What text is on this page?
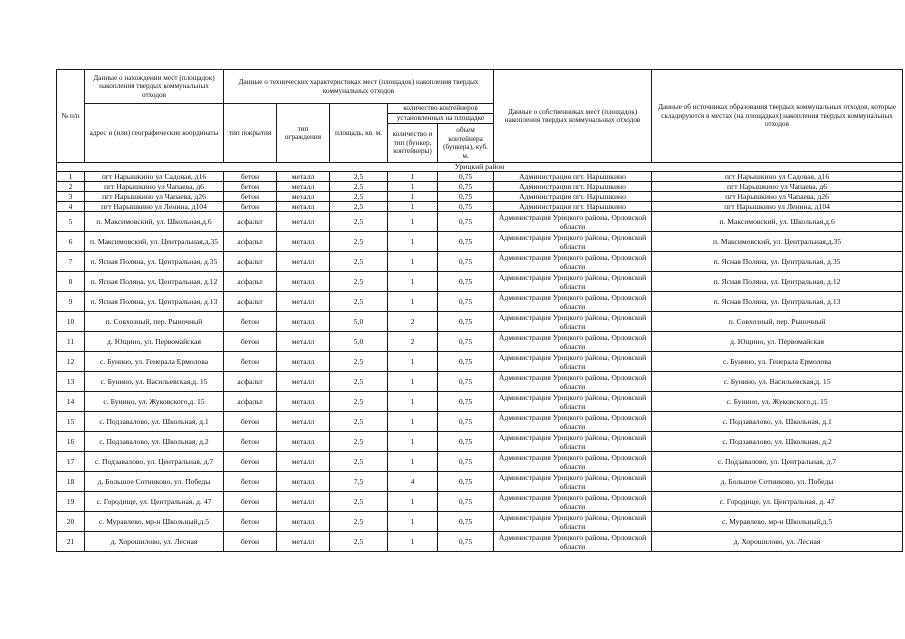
№ п/п	Данные о нахождении мест (площадок) накопления твердых коммунальных отходов	Данные о технических характеристиках мест (площадок) накопления твердых коммунальных отходов					Данные о собственниках мест (площадок) накопления твердых коммунальных отходов	Данные об источниках образования твердых коммунальных отходов, которые складируются в местах (на площадках) накопления твердых коммунальных отходов
	адрес и (или) географические координаты	тип покрытия	тип ограждения	площадь, кв. м.	количество контейнеров			
					установленных на площадке			
					количество и тип (бункер, контейнеры)	объем контейнера (бункера), куб. м.		
Урицкий район								
1	пгт Нарышкино ул Садовая, д16	бетон	металл	2,5	1	0,75	Администрация пгт. Нарышкино	пгт Нарышкино ул Садовая, д16
2	пгт Нарышкино ул Чапаева, д6	бетон	металл	2,5	1	0,75	Администрация пгт. Нарышкино	пгт Нарышкино ул Чапаева, д6
3	пгт Нарышкино ул Чапаева, д26	бетон	металл	2,5	1	0,75	Администрация пгт. Нарышкино	пгт Нарышкино ул Чапаева, д26
4	пгт Нарышкино ул Ленина, д104	бетон	металл	2,5	1	0,75	Администрация пгт. Нарышкино	пгт Нарышкино ул Ленина, д104
5	п. Максимовский, ул. Школьная,д.6	асфальт	металл	2,5	1	0,75	Администрация Урицкого района, Орловской области	п. Максимовский, ул. Школьная,д.6
6	п. Максимовский, ул. Центральная,д.35	асфальт	металл	2,5	1	0,75	Администрация Урицкого района, Орловской области	п. Максимовский, ул. Центральная,д.35
7	п. Ясная Поляна, ул. Центральная, д.35	асфальт	металл	2,5	1	0,75	Администрация Урицкого района, Орловской области	п. Ясная Поляна, ул. Центральная, д.35
8	п. Ясная Поляна, ул. Центральная, д.12	асфальт	металл	2,5	1	0,75	Администрация Урицкого района, Орловской области	п. Ясная Поляна, ул. Центральная, д.12
9	п. Ясная Поляна, ул. Центральная, д.13	асфальт	металл	2,5	1	0,75	Администрация Урицкого района, Орловской области	п. Ясная Поляна, ул. Центральная, д.13
10	п. Совхозный, пер. Рыночный	бетон	металл	5,0	2	0,75	Администрация Урицкого района, Орловской области	п. Совхозный, пер. Рыночный
11	д. Ющино, ул. Первомайская	бетон	металл	5,0	2	0,75	Администрация Урицкого района, Орловской области	д. Ющино, ул. Первомайская
12	с. Бунино, ул. Генерала Ермолова	бетон	металл	2,5	1	0,75	Администрация Урицкого района, Орловской области	с. Бунино, ул. Генерала Ермолова
13	с. Бунино, ул. Васильевская,д. 15	асфальт	металл	2,5	1	0,75	Администрация Урицкого района, Орловской области	с. Бунино, ул. Васильевская,д. 15
14	с. Бунино, ул. Жуковского,д. 15	асфальт	металл	2,5	1	0,75	Администрация Урицкого района, Орловской области	с. Бунино, ул. Жуковского,д. 15
15	с. Подзавалово, ул. Школьная, д.1	бетон	металл	2,5	1	0,75	Администрация Урицкого района, Орловской области	с. Подзавалово, ул. Школьная, д.1
16	с. Подзавалово, ул. Школьная, д.2	бетон	металл	2,5	1	0,75	Администрация Урицкого района, Орловской области	с. Подзавалово, ул. Школьная, д.2
17	с. Подзавалово, ул. Центральная, д.7	бетон	металл	2,5	1	0,75	Администрация Урицкого района, Орловской области	с. Подзавалово, ул. Центральная, д.7
18	д. Большое Сотниково, ул. Победы	бетон	металл	7,5	4	0,75	Администрация Урицкого района, Орловской области	д. Большое Сотниково, ул. Победы
19	с. Городище, ул. Центральная, д. 47	бетон	металл	2,5	1	0,75	Администрация Урицкого района, Орловской области	с. Городище, ул. Центральная, д. 47
20	с. Муравлево, мр-н Школьный,д.5	бетон	металл	2,5	1	0,75	Администрация Урицкого района, Орловской области	с. Муравлево, мр-н Школьный,д.5
21	д. Хорошилово, ул. Лесная	бетон	металл	2,5	1	0,75	Администрация Урицкого района, Орловской области	д. Хорошилово, ул. Лесная
